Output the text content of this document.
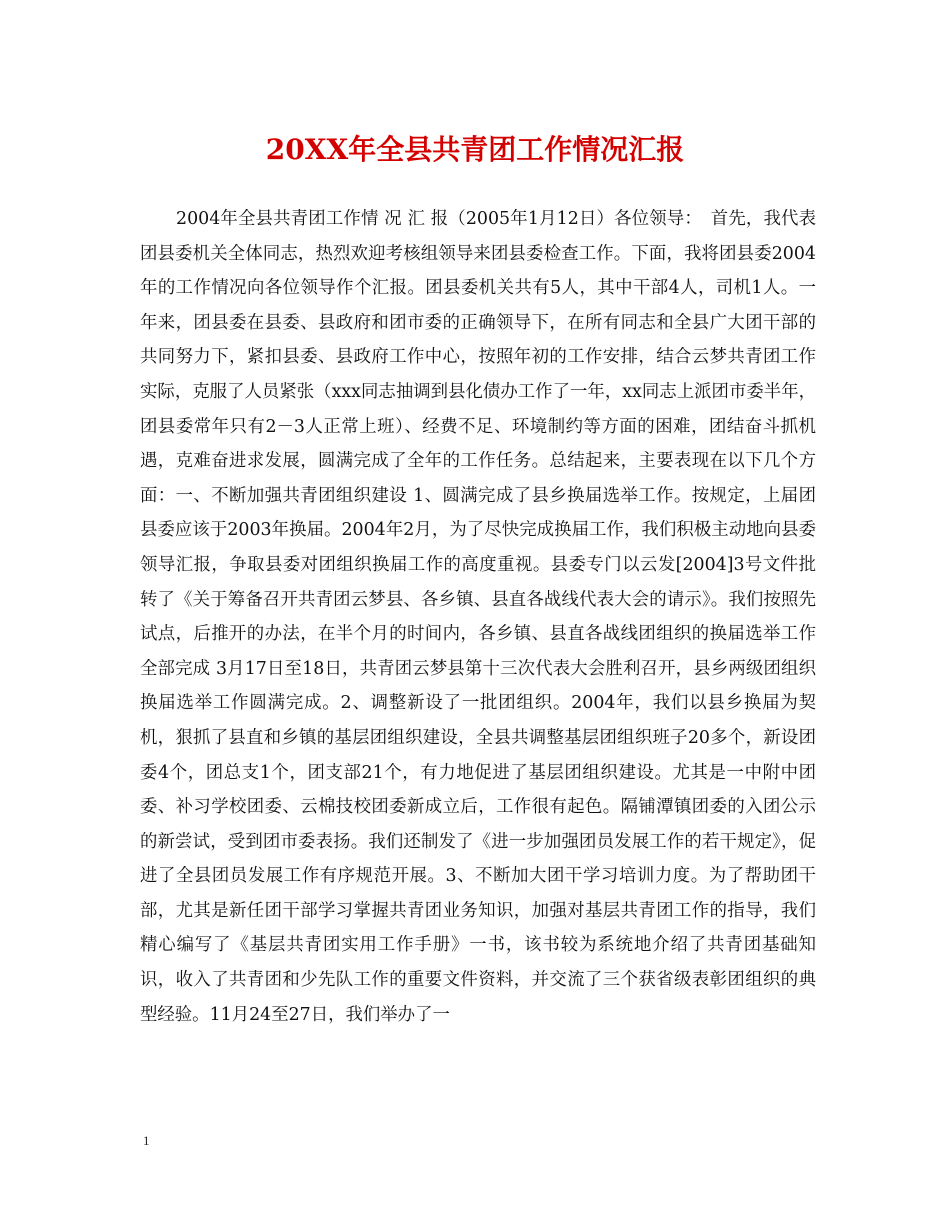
20XX年全县共青团工作情况汇报

2004年全县共青团工作情 况 汇 报（2005年1月12日）各位领导：　首先，我代表团县委机关全体同志，热烈欢迎考核组领导来团县委检查工作。下面，我将团县委2004年的工作情况向各位领导作个汇报。团县委机关共有5人，其中干部4人，司机1人。一年来，团县委在县委、县政府和团市委的正确领导下，在所有同志和全县广大团干部的共同努力下，紧扣县委、县政府工作中心，按照年初的工作安排，结合云梦共青团工作实际，克服了人员紧张（xxx同志抽调到县化债办工作了一年，xx同志上派团市委半年，团县委常年只有2－3人正常上班）、经费不足、环境制约等方面的困难，团结奋斗抓机遇，克难奋进求发展，圆满完成了全年的工作任务。总结起来，主要表现在以下几个方面：一、不断加强共青团组织建设 1、圆满完成了县乡换届选举工作。按规定，上届团县委应该于2003年换届。2004年2月，为了尽快完成换届工作，我们积极主动地向县委领导汇报，争取县委对团组织换届工作的高度重视。县委专门以云发[2004]3号文件批转了《关于筹备召开共青团云梦县、各乡镇、县直各战线代表大会的请示》。我们按照先试点，后推开的办法，在半个月的时间内，各乡镇、县直各战线团组织的换届选举工作全部完成 3月17日至18日，共青团云梦县第十三次代表大会胜利召开，县乡两级团组织换届选举工作圆满完成。2、调整新设了一批团组织。2004年，我们以县乡换届为契机，狠抓了县直和乡镇的基层团组织建设，全县共调整基层团组织班子20多个，新设团委4个，团总支1个，团支部21个，有力地促进了基层团组织建设。尤其是一中附中团委、补习学校团委、云棉技校团委新成立后，工作很有起色。隔铺潭镇团委的入团公示的新尝试，受到团市委表扬。我们还制发了《进一步加强团员发展工作的若干规定》，促进了全县团员发展工作有序规范开展。3、不断加大团干学习培训力度。为了帮助团干部，尤其是新任团干部学习掌握共青团业务知识，加强对基层共青团工作的指导，我们精心编写了《基层共青团实用工作手册》一书，该书较为系统地介绍了共青团基础知识，收入了共青团和少先队工作的重要文件资料，并交流了三个获省级表彰团组织的典型经验。11月24至27日，我们举办了一

1
